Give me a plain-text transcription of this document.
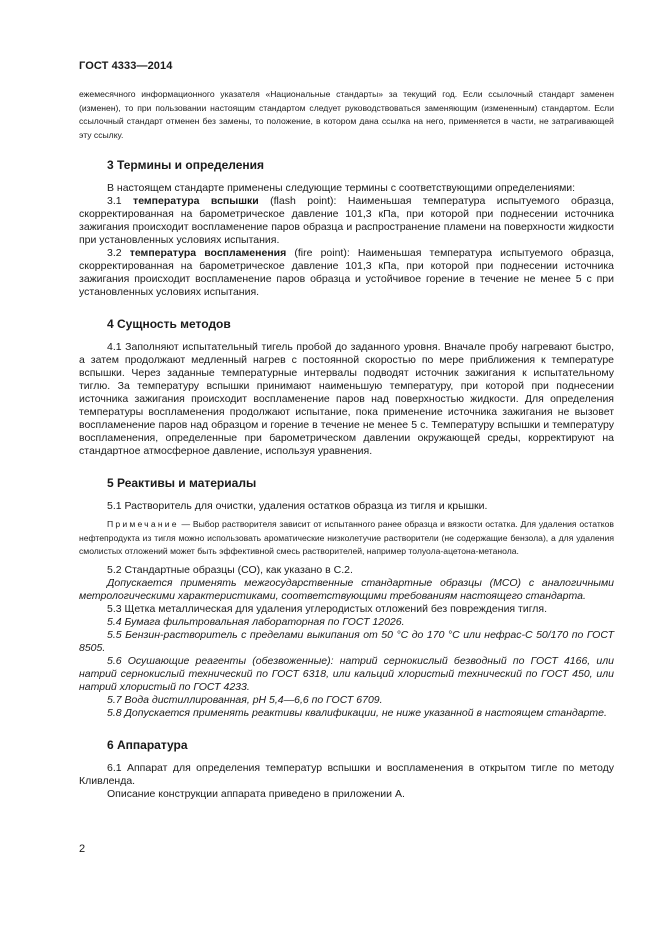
ГОСТ 4333—2014

ежемесячного информационного указателя «Национальные стандарты» за текущий год. Если ссылочный стандарт заменен (изменен), то при пользовании настоящим стандартом следует руководствоваться заменяющим (измененным) стандартом. Если ссылочный стандарт отменен без замены, то положение, в котором дана ссылка на него, применяется в части, не затрагивающей эту ссылку.

3 Термины и определения

В настоящем стандарте применены следующие термины с соответствующими определениями:

3.1 температура вспышки (flash point): Наименьшая температура испытуемого образца, скорректированная на барометрическое давление 101,3 кПа, при которой при поднесении источника зажигания происходит воспламенение паров образца и распространение пламени на поверхности жидкости при установленных условиях испытания.

3.2 температура воспламенения (fire point): Наименьшая температура испытуемого образца, скорректированная на барометрическое давление 101,3 кПа, при которой при поднесении источника зажигания происходит воспламенение паров образца и устойчивое горение в течение не менее 5 с при установленных условиях испытания.

4 Сущность методов

4.1 Заполняют испытательный тигель пробой до заданного уровня. Вначале пробу нагревают быстро, а затем продолжают медленный нагрев с постоянной скоростью по мере приближения к температуре вспышки. Через заданные температурные интервалы подводят источник зажигания к испытательному тиглю. За температуру вспышки принимают наименьшую температуру, при которой при поднесении источника зажигания происходит воспламенение паров над поверхностью жидкости. Для определения температуры воспламенения продолжают испытание, пока применение источника зажигания не вызовет воспламенение паров над образцом и горение в течение не менее 5 с. Температуру вспышки и температуру воспламенения, определенные при барометрическом давлении окружающей среды, корректируют на стандартное атмосферное давление, используя уравнения.

5 Реактивы и материалы

5.1 Растворитель для очистки, удаления остатков образца из тигля и крышки.

Примечание — Выбор растворителя зависит от испытанного ранее образца и вязкости остатка. Для удаления остатков нефтепродукта из тигля можно использовать ароматические низколетучие растворители (не содержащие бензола), а для удаления смолистых отложений может быть эффективной смесь растворителей, например толуола-ацетона-метанола.

5.2 Стандартные образцы (СО), как указано в С.2.

Допускается применять межгосударственные стандартные образцы (МСО) с аналогичными метрологическими характеристиками, соответствующими требованиям настоящего стандарта.

5.3 Щетка металлическая для удаления углеродистых отложений без повреждения тигля.

5.4 Бумага фильтровальная лабораторная по ГОСТ 12026.

5.5 Бензин-растворитель с пределами выкипания от 50 °С до 170 °С или нефрас-С 50/170 по ГОСТ 8505.

5.6 Осушающие реагенты (обезвоженные): натрий сернокислый безводный по ГОСТ 4166, или натрий сернокислый технический по ГОСТ 6318, или кальций хлористый технический по ГОСТ 450, или натрий хлористый по ГОСТ 4233.

5.7 Вода дистиллированная, рН 5,4—6,6 по ГОСТ 6709.

5.8 Допускается применять реактивы квалификации, не ниже указанной в настоящем стандарте.

6 Аппаратура

6.1 Аппарат для определения температур вспышки и воспламенения в открытом тигле по методу Кливленда.

Описание конструкции аппарата приведено в приложении А.

2
